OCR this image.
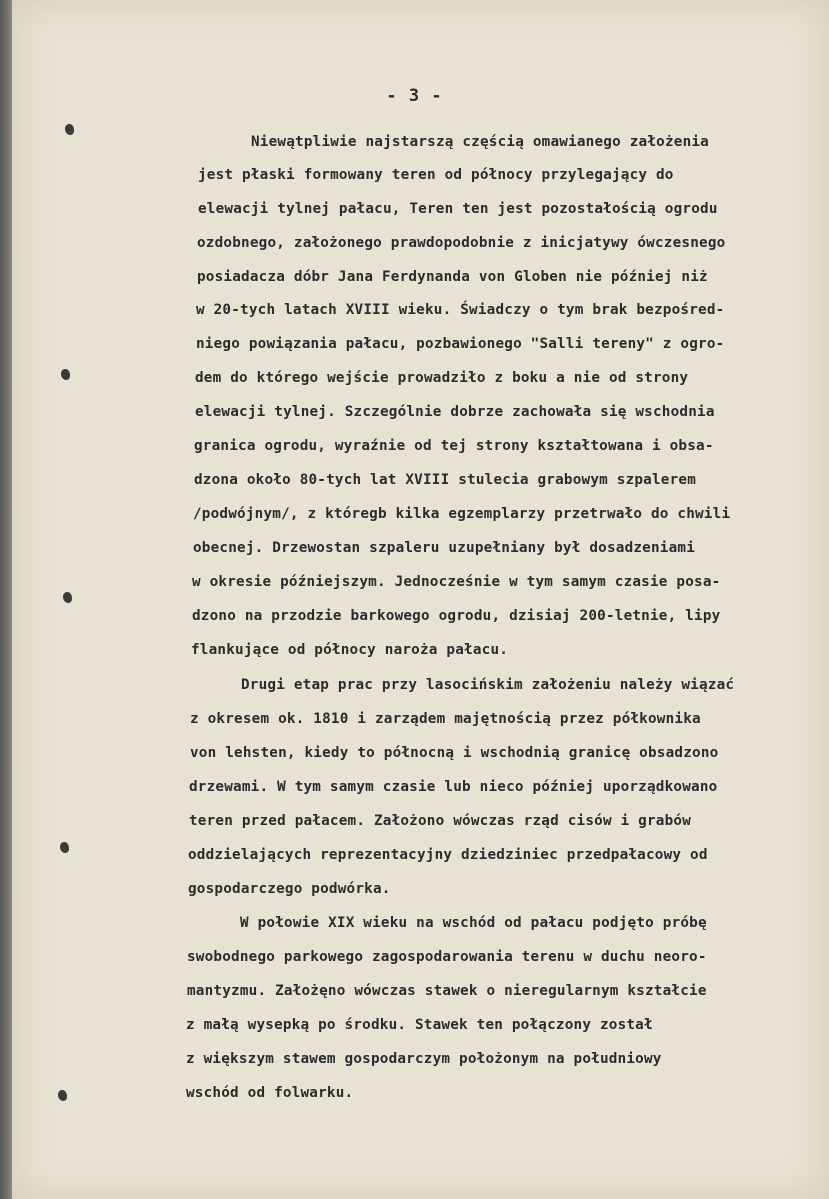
- 3 -
Niewątpliwie najstarszą częścią omawianego założenia
jest płaski formowany teren od północy przylegający do
elewacji tylnej pałacu, Teren ten jest pozostałością ogrodu
ozdobnego, założonego prawdopodobnie z inicjatywy ówczesnego
posiadacza dóbr Jana Ferdynanda von Globen nie później niż
w 20-tych latach XVIII wieku. Świadczy o tym brak bezpośred-
niego powiązania pałacu, pozbawionego "Salli tereny" z ogro-
dem do którego wejście prowadziło z boku a nie od strony
elewacji tylnej. Szczególnie dobrze zachowała się wschodnia
granica ogrodu, wyraźnie od tej strony kształtowana i obsa-
dzona około 80-tych lat XVIII stulecia grabowym szpalerem
/podwójnym/, z któregb kilka egzemplarzy przetrwało do chwili
obecnej. Drzewostan szpaleru uzupełniany był dosadzeniami
w okresie późniejszym. Jednocześnie w tym samym czasie posa-
dzono na przodzie barkowego ogrodu, dzisiaj 200-letnie, lipy
flankujące od północy naroża pałacu.
Drugi etap prac przy lasocińskim założeniu należy wiązać
z okresem ok. 1810 i zarządem majętnością przez półkownika
von lehsten, kiedy to północną i wschodnią granicę obsadzono
drzewami. W tym samym czasie lub nieco później uporządkowano
teren przed pałacem. Założono wówczas rząd cisów i grabów
oddzielających reprezentacyjny dziedziniec przedpałacowy od
gospodarczego podwórka.
W połowie XIX wieku na wschód od pałacu podjęto próbę
swobodnego parkowego zagospodarowania terenu w duchu neoro-
mantyzmu. Założęno wówczas stawek o nieregularnym kształcie
z małą wysepką po środku. Stawek ten połączony został
z większym stawem gospodarczym położonym na południowy
wschód od folwarku.
